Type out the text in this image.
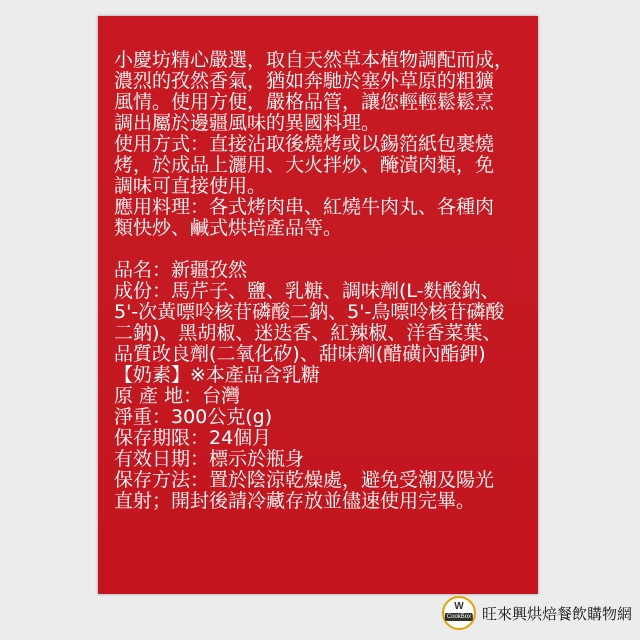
小慶坊精心嚴選，取自天然草本植物調配而成，
濃烈的孜然香氣，猶如奔馳於塞外草原的粗獷
風情。使用方便，嚴格品管，讓您輕輕鬆鬆烹
調出屬於邊疆風味的異國料理。
使用方式：直接沾取後燒烤或以錫箔紙包裹燒
烤，於成品上灑用、大火拌炒、醃漬肉類，免
調味可直接使用。
應用料理：各式烤肉串、紅燒牛肉丸、各種肉
類快炒、鹹式烘培產品等。
品名：新疆孜然
成份：馬芹子、鹽、乳糖、調味劑(L-麩酸鈉、
5'-次黃嘌呤核苷磷酸二鈉、5'-鳥嘌呤核苷磷酸
二鈉)、黑胡椒、迷迭香、紅辣椒、洋香菜葉、
品質改良劑(二氧化矽)、甜味劑(醋磺內酯鉀)
【奶素】※本產品含乳糖
原 產 地：台灣
淨重：300公克(g)
保存期限：24個月
有效日期：標示於瓶身
保存方法：置於陰涼乾燥處，避免受潮及陽光
直射；開封後請冷藏存放並儘速使用完畢。
W
CookBox 旺來興烘焙餐飲購物網
